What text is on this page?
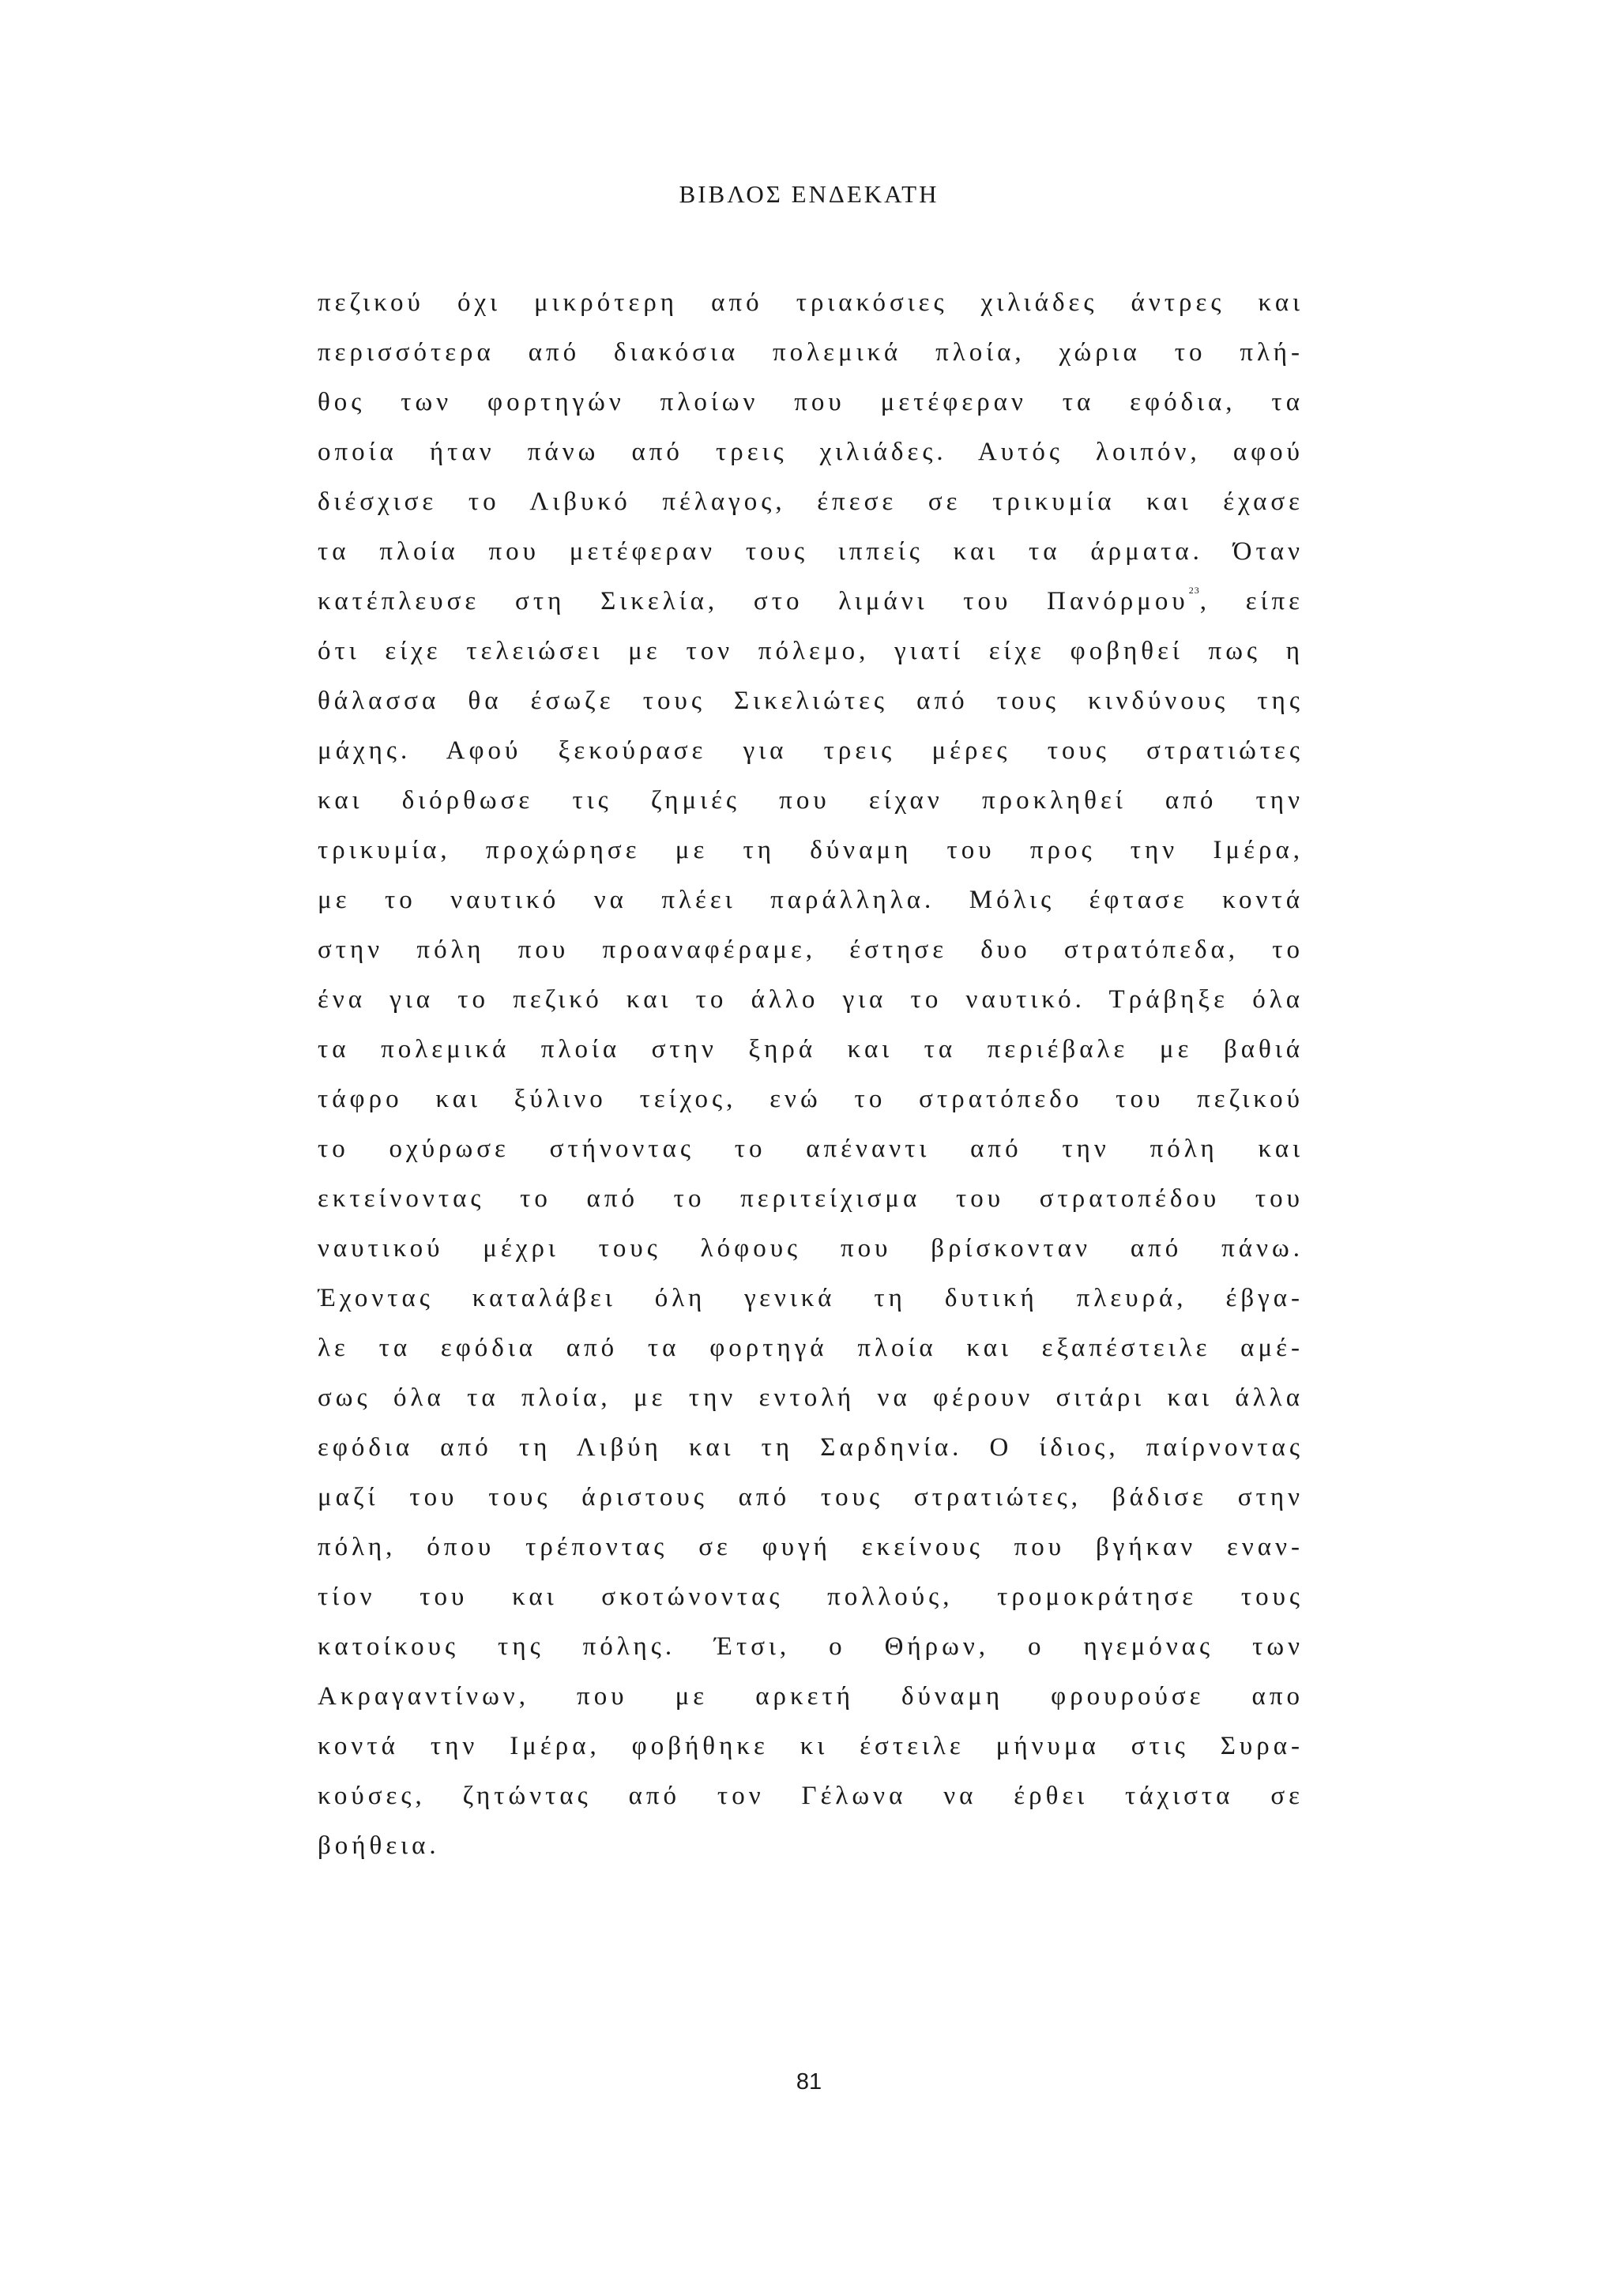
ΒΙΒΛΟΣ ΕΝΔΕΚΑΤΗ
πεζικού όχι μικρότερη από τριακόσιες χιλιάδες άντρες και
περισσότερα από διακόσια πολεμικά πλοία, χώρια το πλή-
θος των φορτηγών πλοίων που μετέφεραν τα εφόδια, τα
οποία ήταν πάνω από τρεις χιλιάδες. Αυτός λοιπόν, αφού
διέσχισε το Λιβυκό πέλαγος, έπεσε σε τρικυμία και έχασε
τα πλοία που μετέφεραν τους ιππείς και τα άρματα. Όταν
κατέπλευσε στη Σικελία, στο λιμάνι του Πανόρμου$^{23}$, είπε
ότι είχε τελειώσει με τον πόλεμο, γιατί είχε φοβηθεί πως η
θάλασσα θα έσωζε τους Σικελιώτες από τους κινδύνους της
μάχης. Αφού ξεκούρασε για τρεις μέρες τους στρατιώτες
και διόρθωσε τις ζημιές που είχαν προκληθεί από την
τρικυμία, προχώρησε με τη δύναμη του προς την Ιμέρα,
με το ναυτικό να πλέει παράλληλα. Μόλις έφτασε κοντά
στην πόλη που προαναφέραμε, έστησε δυο στρατόπεδα, το
ένα για το πεζικό και το άλλο για το ναυτικό. Τράβηξε όλα
τα πολεμικά πλοία στην ξηρά και τα περιέβαλε με βαθιά
τάφρο και ξύλινο τείχος, ενώ το στρατόπεδο του πεζικού
το οχύρωσε στήνοντας το απέναντι από την πόλη και
εκτείνοντας το από το περιτείχισμα του στρατοπέδου του
ναυτικού μέχρι τους λόφους που βρίσκονταν από πάνω.
Έχοντας καταλάβει όλη γενικά τη δυτική πλευρά, έβγα-
λε τα εφόδια από τα φορτηγά πλοία και εξαπέστειλε αμέ-
σως όλα τα πλοία, με την εντολή να φέρουν σιτάρι και άλλα
εφόδια από τη Λιβύη και τη Σαρδηνία. Ο ίδιος, παίρνοντας
μαζί του τους άριστους από τους στρατιώτες, βάδισε στην
πόλη, όπου τρέποντας σε φυγή εκείνους που βγήκαν εναν-
τίον του και σκοτώνοντας πολλούς, τρομοκράτησε τους
κατοίκους της πόλης. Έτσι, ο Θήρων, ο ηγεμόνας των
Ακραγαντίνων, που με αρκετή δύναμη φρουρούσε απο
κοντά την Ιμέρα, φοβήθηκε κι έστειλε μήνυμα στις Συρα-
κούσες, ζητώντας από τον Γέλωνα να έρθει τάχιστα σε
βοήθεια.
81
